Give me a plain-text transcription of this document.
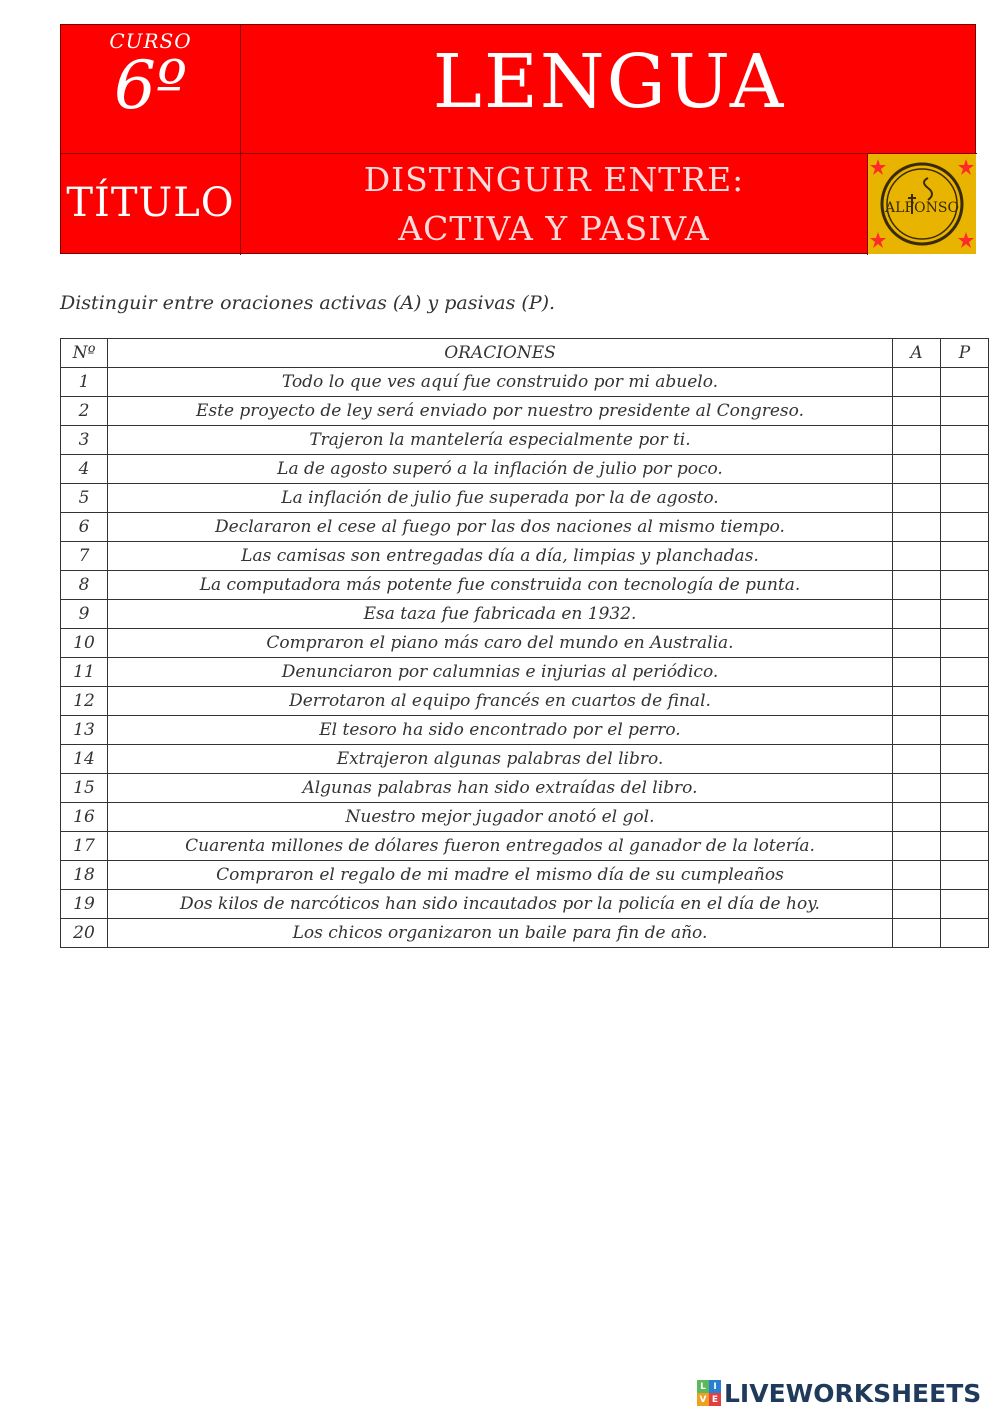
CURSO
6º	LENGUA
TÍTULO
DISTINGUIR ENTRE:
ACTIVA Y PASIVA
ALFONSO
Distinguir entre oraciones activas (A) y pasivas (P).
Nº	ORACIONES	A	P
1	Todo lo que ves aquí fue construido por mi abuelo.		
2	Este proyecto de ley será enviado por nuestro presidente al Congreso.		
3	Trajeron la mantelería especialmente por ti.		
4	La de agosto superó a la inflación de julio por poco.		
5	La inflación de julio fue superada por la de agosto.		
6	Declararon el cese al fuego por las dos naciones al mismo tiempo.		
7	Las camisas son entregadas día a día, limpias y planchadas.		
8	La computadora más potente fue construida con tecnología de punta.		
9	Esa taza fue fabricada en 1932.		
10	Compraron el piano más caro del mundo en Australia.		
11	Denunciaron por calumnias e injurias al periódico.		
12	Derrotaron al equipo francés en cuartos de final.		
13	El tesoro ha sido encontrado por el perro.		
14	Extrajeron algunas palabras del libro.		
15	Algunas palabras han sido extraídas del libro.		
16	Nuestro mejor jugador anotó el gol.		
17	Cuarenta millones de dólares fueron entregados al ganador de la lotería.		
18	Compraron el regalo de mi madre el mismo día de su cumpleaños		
19	Dos kilos de narcóticos han sido incautados por la policía en el día de hoy.		
20	Los chicos organizaron un baile para fin de año.		
L I
V E LIVEWORKSHEETS
